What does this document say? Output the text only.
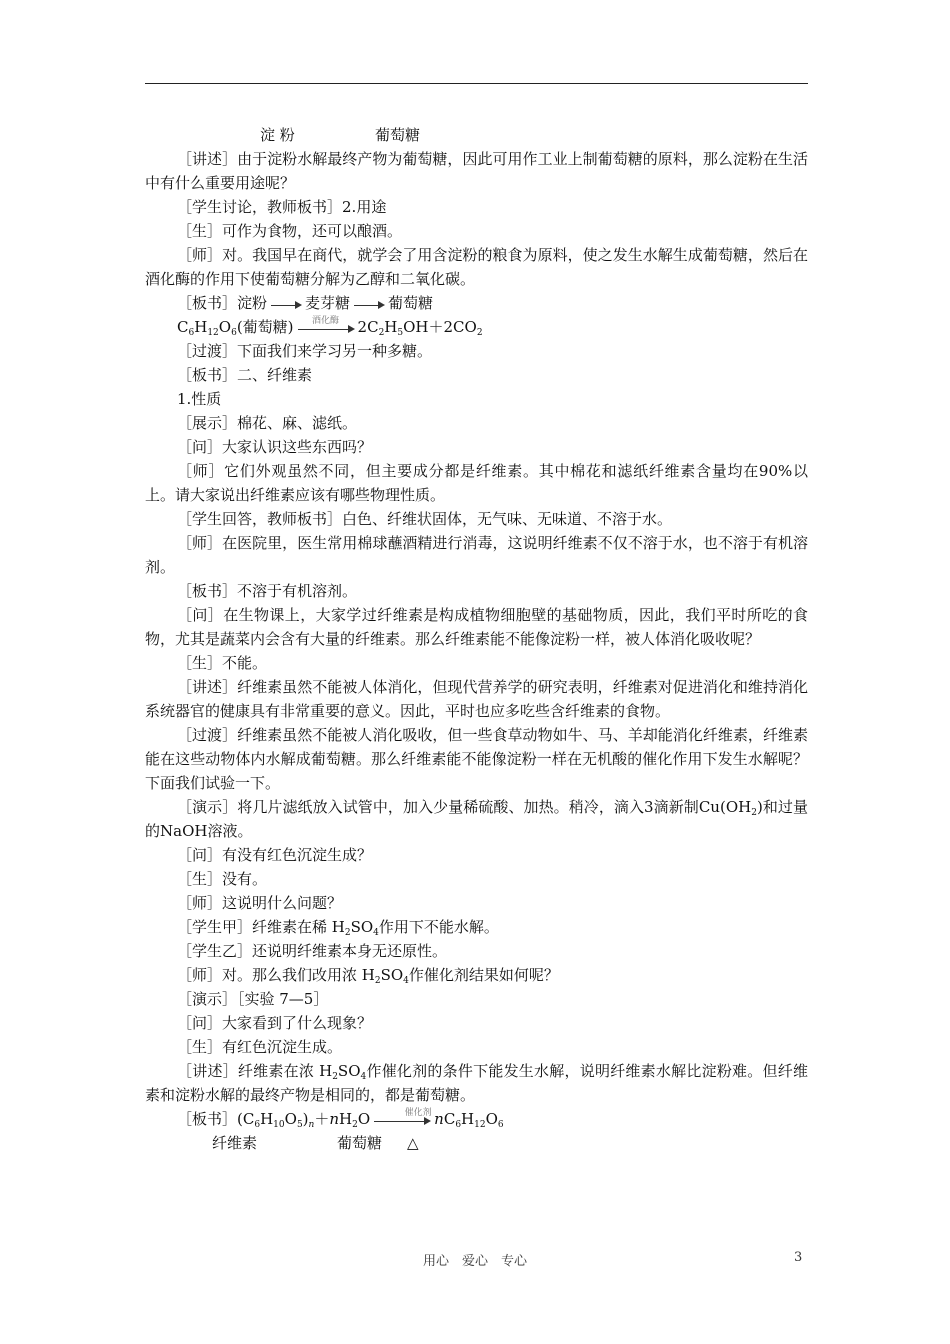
淀 粉	葡萄糖

［讲述］由于淀粉水解最终产物为葡萄糖，因此可用作工业上制葡萄糖的原料，那么淀粉在生活中有什么重要用途呢？

［学生讨论，教师板书］2.用途

［生］可作为食物，还可以酿酒。

［师］对。我国早在商代，就学会了用含淀粉的粮食为原料，使之发生水解生成葡萄糖，然后在酒化酶的作用下使葡萄糖分解为乙醇和二氧化碳。

［板书］淀粉	麦芽糖	葡萄糖

$C_6H_{12}O_6$(葡萄糖)	酒化酶	$2C_2H_5OH+2CO_2$

［过渡］下面我们来学习另一种多糖。

［板书］二、纤维素

1.性质

［展示］棉花、麻、滤纸。

［问］大家认识这些东西吗？

［师］它们外观虽然不同，但主要成分都是纤维素。其中棉花和滤纸纤维素含量均在90%以上。请大家说出纤维素应该有哪些物理性质。

［学生回答，教师板书］白色、纤维状固体，无气味、无味道、不溶于水。

［师］在医院里，医生常用棉球蘸酒精进行消毒，这说明纤维素不仅不溶于水，也不溶于有机溶剂。

［板书］不溶于有机溶剂。

［问］在生物课上，大家学过纤维素是构成植物细胞壁的基础物质，因此，我们平时所吃的食物，尤其是蔬菜内会含有大量的纤维素。那么纤维素能不能像淀粉一样，被人体消化吸收呢？

［生］不能。

［讲述］纤维素虽然不能被人体消化，但现代营养学的研究表明，纤维素对促进消化和维持消化系统器官的健康具有非常重要的意义。因此，平时也应多吃些含纤维素的食物。

［过渡］纤维素虽然不能被人消化吸收，但一些食草动物如牛、马、羊却能消化纤维素，纤维素能在这些动物体内水解成葡萄糖。那么纤维素能不能像淀粉一样在无机酸的催化作用下发生水解呢？下面我们试验一下。

［演示］将几片滤纸放入试管中，加入少量稀硫酸、加热。稍冷，滴入3滴新制$Cu(OH_2)$和过量的NaOH溶液。

［问］有没有红色沉淀生成？

［生］没有。

［师］这说明什么问题？

［学生甲］纤维素在稀 $H_2SO_4$作用下不能水解。

［学生乙］还说明纤维素本身无还原性。

［师］对。那么我们改用浓 $H_2SO_4$作催化剂结果如何呢？

［演示］［实验 7—5］

［问］大家看到了什么现象？

［生］有红色沉淀生成。

［讲述］纤维素在浓 $H_2SO_4$作催化剂的条件下能发生水解，说明纤维素水解比淀粉难。但纤维素和淀粉水解的最终产物是相同的，都是葡萄糖。

［板书$](C_6H_{10}O_5)_n+nH_2O$	催化剂 $nC_6H_{12}O_6$

纤维素	葡萄糖 △
用心　爱心　专心	3
